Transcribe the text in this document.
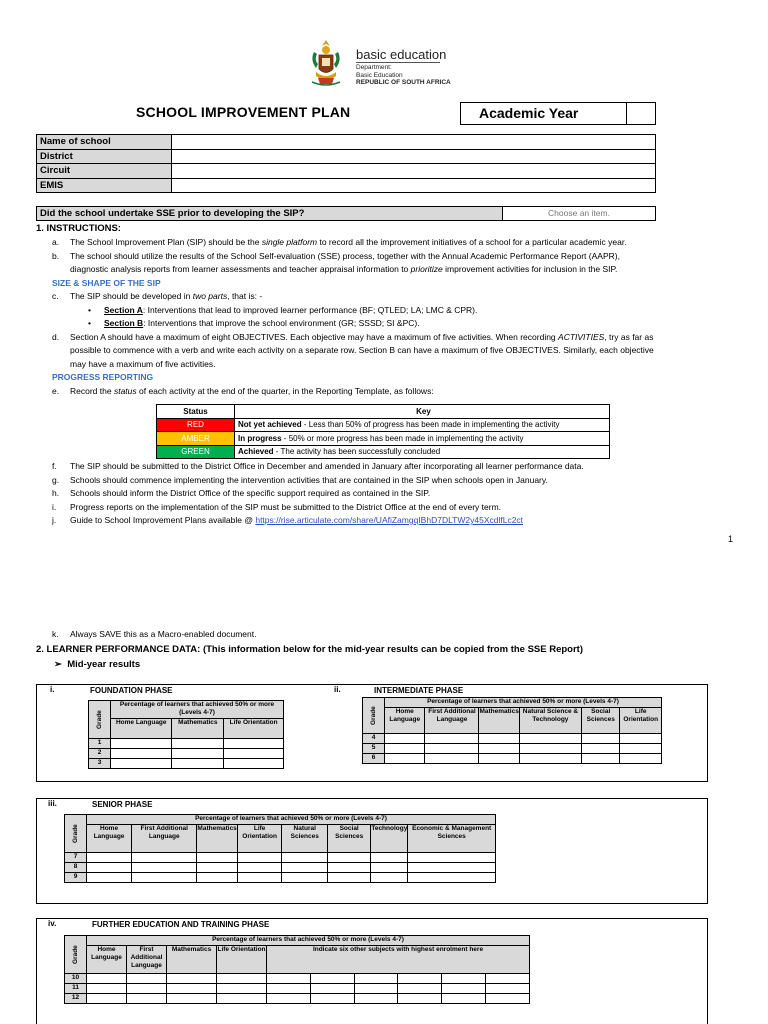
basic education
Department:
Basic Education
REPUBLIC OF SOUTH AFRICA
SCHOOL IMPROVEMENT PLAN	Academic Year
Name of school	
District	
Circuit	
EMIS	
Did the school undertake SSE prior to developing the SIP?	Choose an item.
1. INSTRUCTIONS:
a. The School Improvement Plan (SIP) should be the single platform to record all the improvement initiatives of a school for a particular academic year.
b. The school should utilize the results of the School Self-evaluation (SSE) process, together with the Annual Academic Performance Report (AAPR),
diagnostic analysis reports from learner assessments and teacher appraisal information to prioritize improvement activities for inclusion in the SIP.
SIZE & SHAPE OF THE SIP
c. The SIP should be developed in two parts, that is: -
• Section A: Interventions that lead to improved learner performance (BF; QTLED; LA; LMC & CPR).
• Section B: Interventions that improve the school environment (GR; SSSD; SI &PC).
d. Section A should have a maximum of eight OBJECTIVES. Each objective may have a maximum of five activities. When recording ACTIVITIES, try as far as
possible to commence with a verb and write each activity on a separate row. Section B can have a maximum of five OBJECTIVES. Similarly, each objective
may have a maximum of five activities.
PROGRESS REPORTING
e. Record the status of each activity at the end of the quarter, in the Reporting Template, as follows:
Status	Key
RED	Not yet achieved - Less than 50% of progress has been made in implementing the activity
AMBER	In progress - 50% or more progress has been made in implementing the activity
GREEN	Achieved - The activity has been successfully concluded
f. The SIP should be submitted to the District Office in December and amended in January after incorporating all learner performance data.
g. Schools should commence implementing the intervention activities that are contained in the SIP when schools open in January.
h. Schools should inform the District Office of the specific support required as contained in the SIP.
i. Progress reports on the implementation of the SIP must be submitted to the District Office at the end of every term.
j. Guide to School Improvement Plans available @ https://rise.articulate.com/share/UAfiZamgqIBhD7DLTW2y45XcdlfLc2ct
1
k. Always SAVE this as a Macro-enabled document.
2. LEARNER PERFORMANCE DATA: (This information below for the mid-year results can be copied from the SSE Report)
➢ Mid-year results
i.	FOUNDATION PHASE	ii.	INTERMEDIATE PHASE
Grade	Percentage of learners that achieved 50% or more (Levels 4-7)		
	Home Language	Mathematics	Life Orientation
1			
2			
3			
Grade	Percentage of learners that achieved 50% or more (Levels 4-7)					
	Home Language	First Additional Language	Mathematics	Natural Science & Technology	Social Sciences	Life Orientation
4						
5						
6						
iii.	SENIOR PHASE
Grade	Percentage of learners that achieved 50% or more (Levels 4-7)							
	Home Language	First Additional Language	Mathematics	Life Orientation	Natural Sciences	Social Sciences	Technology	Economic & Management Sciences
7								
8								
9								
iv.	FURTHER EDUCATION AND TRAINING PHASE
Grade	Percentage of learners that achieved 50% or more (Levels 4-7)									
	Home Language	First Additional Language	Mathematics	Life Orientation	Indicate six other subjects with highest enrolment here					
10										
11										
12										
